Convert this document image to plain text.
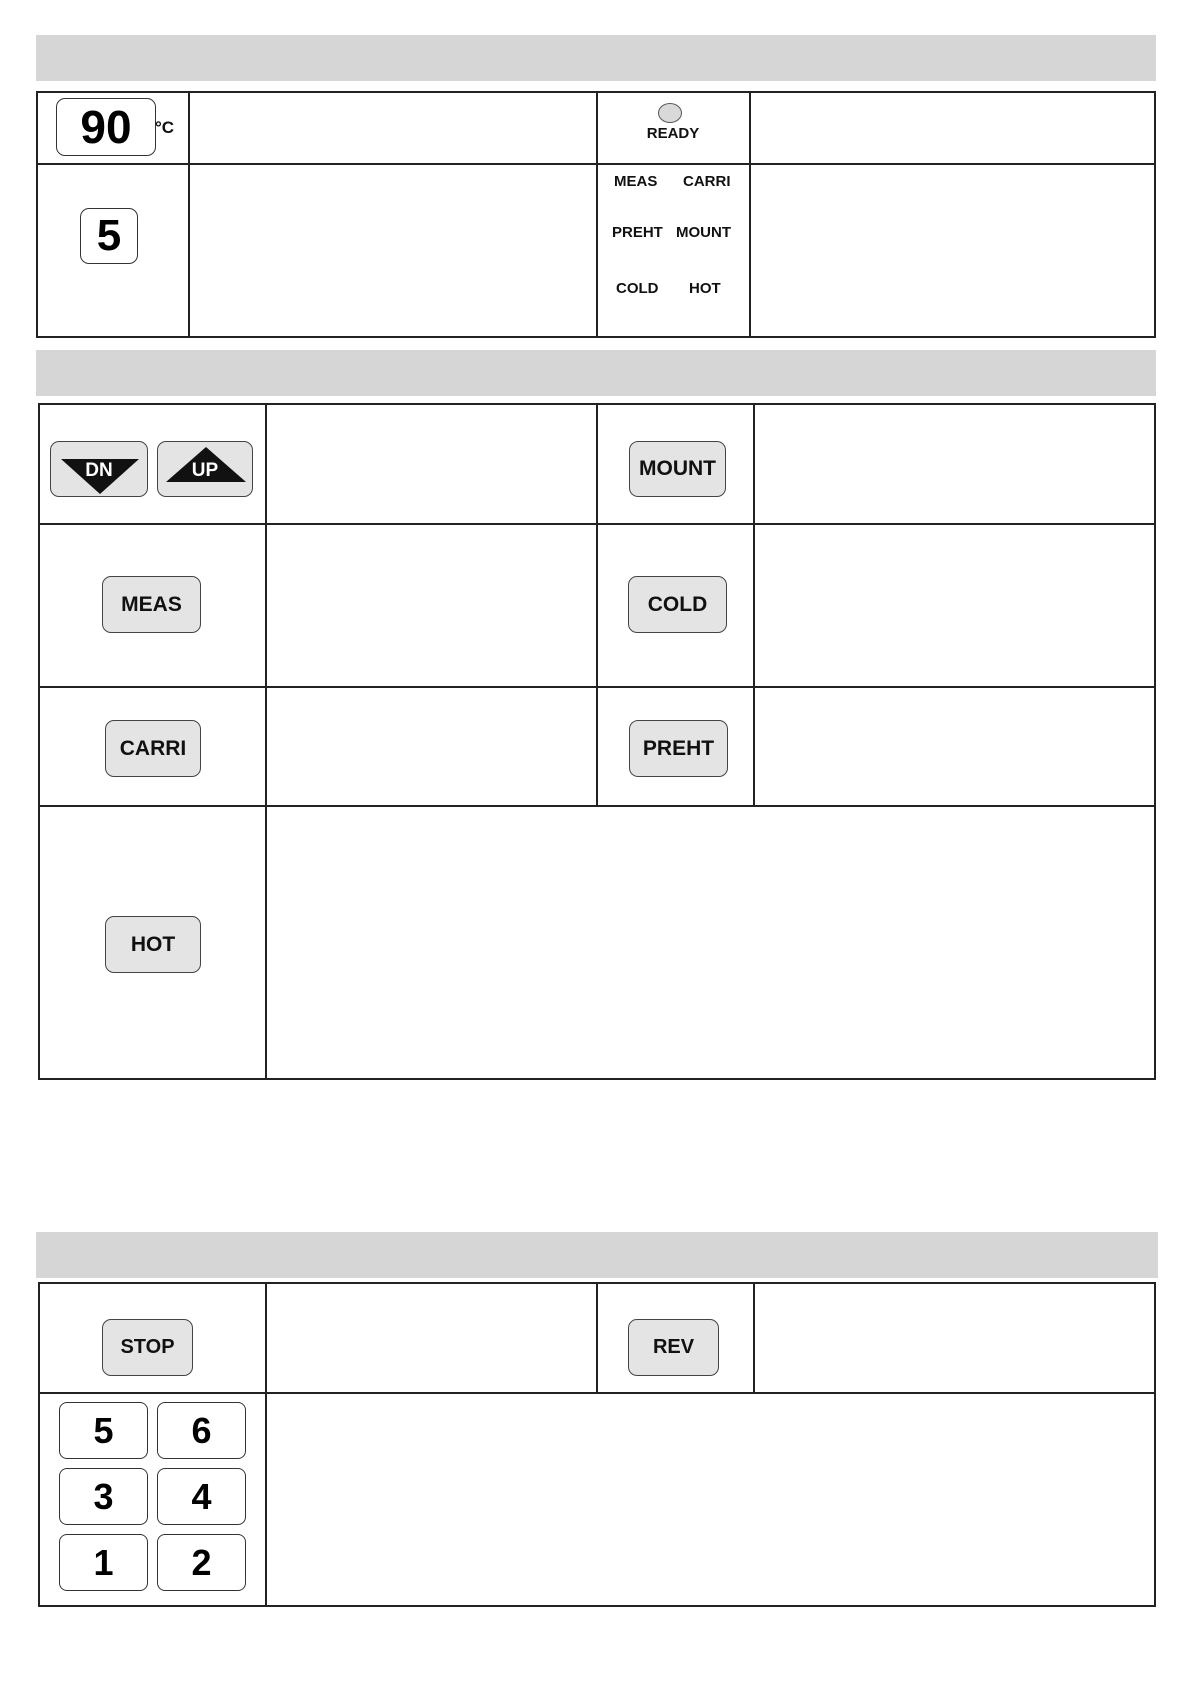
90 °C	READY
5
MEAS CARRI
PREHT MOUNT
COLD HOT
DN	UP	MOUNT
MEAS	COLD
CARRI	PREHT
HOT
STOP	REV
5 6
3 4
1 2
